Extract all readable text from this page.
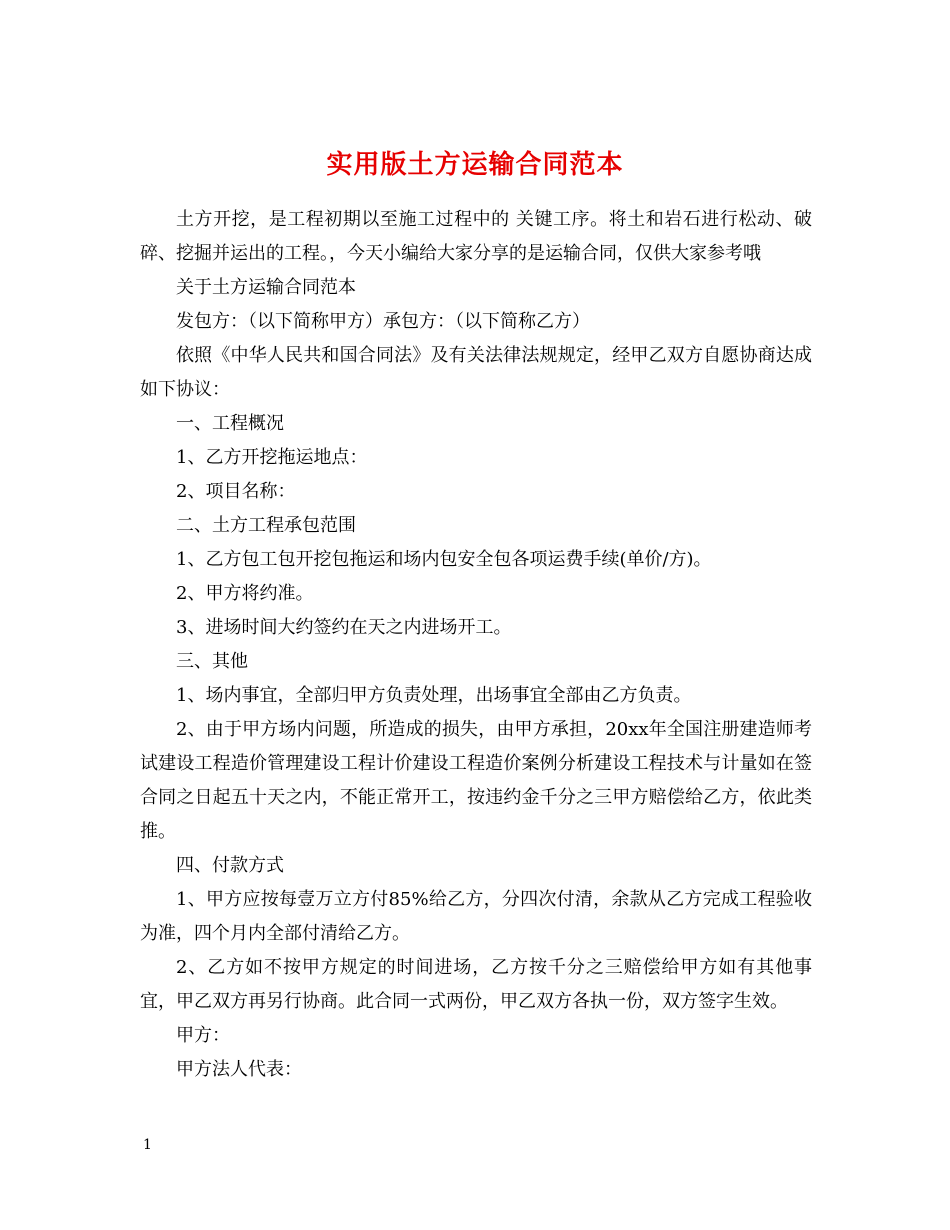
实用版土方运输合同范本

土方开挖，是工程初期以至施工过程中的 关键工序。将土和岩石进行松动、破碎、挖掘并运出的工程。，今天小编给大家分享的是运输合同，仅供大家参考哦

关于土方运输合同范本

发包方：（以下简称甲方）承包方：（以下简称乙方）

依照《中华人民共和国合同法》及有关法律法规规定，经甲乙双方自愿协商达成如下协议：

一、工程概况

1、乙方开挖拖运地点：

2、项目名称：

二、土方工程承包范围

1、乙方包工包开挖包拖运和场内包安全包各项运费手续(单价/方)。

2、甲方将约准。

3、进场时间大约签约在天之内进场开工。

三、其他

1、场内事宜，全部归甲方负责处理，出场事宜全部由乙方负责。

2、由于甲方场内问题，所造成的损失，由甲方承担，20xx年全国注册建造师考试建设工程造价管理建设工程计价建设工程造价案例分析建设工程技术与计量如在签合同之日起五十天之内，不能正常开工，按违约金千分之三甲方赔偿给乙方，依此类推。

四、付款方式

1、甲方应按每壹万立方付85%给乙方，分四次付清，余款从乙方完成工程验收为准，四个月内全部付清给乙方。

2、乙方如不按甲方规定的时间进场，乙方按千分之三赔偿给甲方如有其他事宜，甲乙双方再另行协商。此合同一式两份，甲乙双方各执一份，双方签字生效。

甲方：

甲方法人代表：

1
